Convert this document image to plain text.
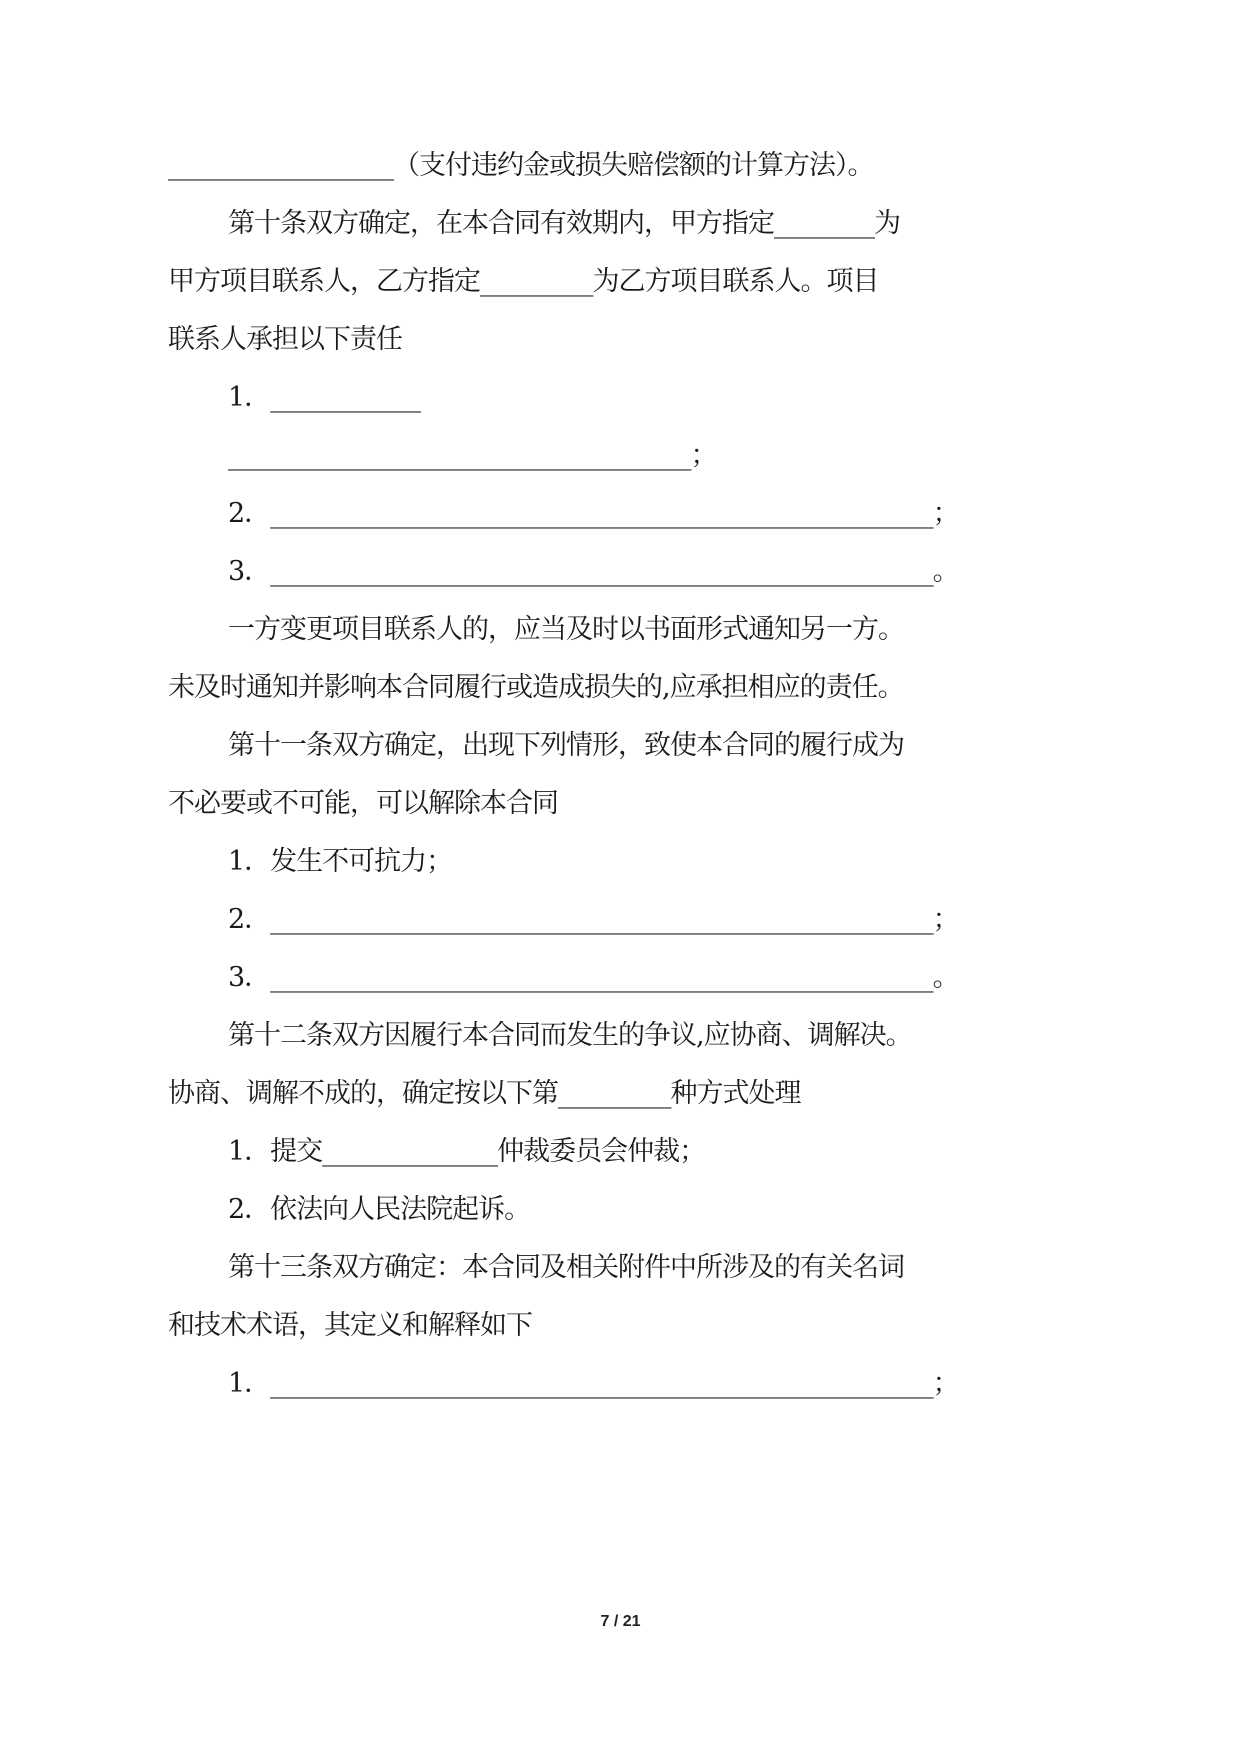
__________________（支付违约金或损失赔偿额的计算方法）。
第十条双方确定，在本合同有效期内，甲方指定________为
甲方项目联系人，乙方指定_________为乙方项目联系人。项目
联系人承担以下责任
1．____________
_____________________________________；
2．_____________________________________________________；
3．_____________________________________________________。
一方变更项目联系人的，应当及时以书面形式通知另一方。
未及时通知并影响本合同履行或造成损失的,应承担相应的责任。
第十一条双方确定，出现下列情形，致使本合同的履行成为
不必要或不可能，可以解除本合同
1．发生不可抗力；
2．_____________________________________________________；
3．_____________________________________________________。
第十二条双方因履行本合同而发生的争议,应协商、调解决。
协商、调解不成的，确定按以下第_________种方式处理
1．提交______________仲裁委员会仲裁；
2．依法向人民法院起诉。
第十三条双方确定：本合同及相关附件中所涉及的有关名词
和技术术语，其定义和解释如下
1．_____________________________________________________；
7 / 21
